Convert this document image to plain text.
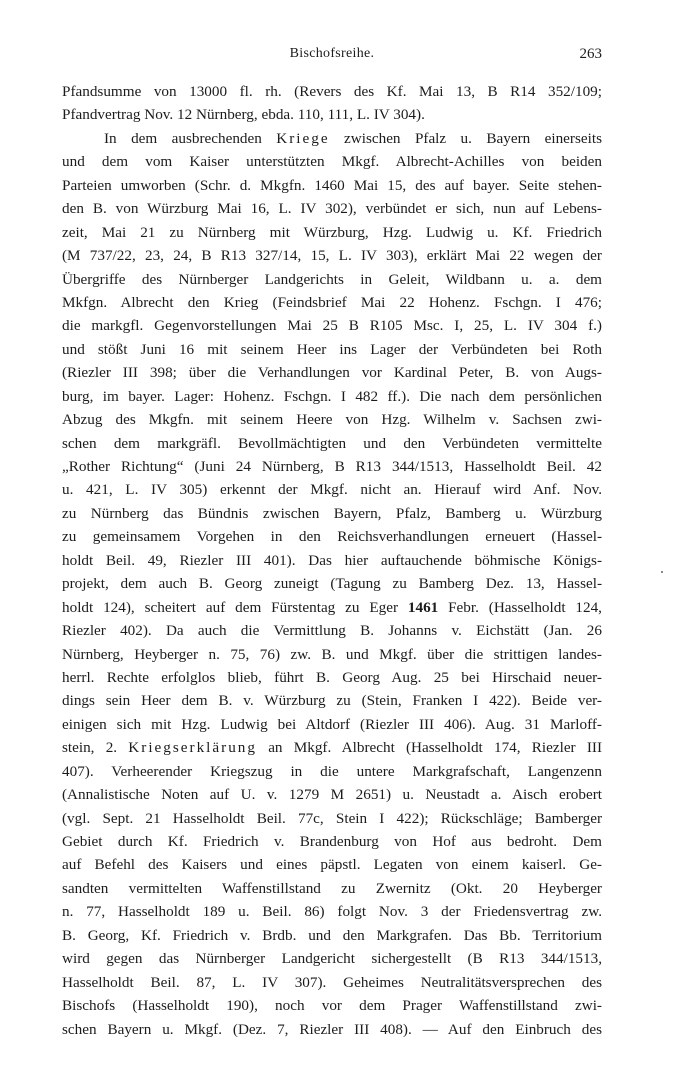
Bischofsreihe.	263
Pfandsumme von 13000 fl. rh. (Revers des Kf. Mai 13, B R14 352/109;
Pfandvertrag Nov. 12 Nürnberg, ebda. 110, 111, L. IV 304).
In dem ausbrechenden Kriege zwischen Pfalz u. Bayern einerseits
und dem vom Kaiser unterstützten Mkgf. Albrecht-Achilles von beiden
Parteien umworben (Schr. d. Mkgfn. 1460 Mai 15, des auf bayer. Seite stehen-
den B. von Würzburg Mai 16, L. IV 302), verbündet er sich, nun auf Lebens-
zeit, Mai 21 zu Nürnberg mit Würzburg, Hzg. Ludwig u. Kf. Friedrich
(M 737/22, 23, 24, B R13 327/14, 15, L. IV 303), erklärt Mai 22 wegen der
Übergriffe des Nürnberger Landgerichts in Geleit, Wildbann u. a. dem
Mkfgn. Albrecht den Krieg (Feindsbrief Mai 22 Hohenz. Fschgn. I 476;
die markgfl. Gegenvorstellungen Mai 25 B R105 Msc. I, 25, L. IV 304 f.)
und stößt Juni 16 mit seinem Heer ins Lager der Verbündeten bei Roth
(Riezler III 398; über die Verhandlungen vor Kardinal Peter, B. von Augs-
burg, im bayer. Lager: Hohenz. Fschgn. I 482 ff.). Die nach dem persönlichen
Abzug des Mkgfn. mit seinem Heere von Hzg. Wilhelm v. Sachsen zwi-
schen dem markgräfl. Bevollmächtigten und den Verbündeten vermittelte
„Rother Richtung“ (Juni 24 Nürnberg, B R13 344/1513, Hasselholdt Beil. 42
u. 421, L. IV 305) erkennt der Mkgf. nicht an. Hierauf wird Anf. Nov.
zu Nürnberg das Bündnis zwischen Bayern, Pfalz, Bamberg u. Würzburg
zu gemeinsamem Vorgehen in den Reichsverhandlungen erneuert (Hassel-
holdt Beil. 49, Riezler III 401). Das hier auftauchende böhmische Königs-
projekt, dem auch B. Georg zuneigt (Tagung zu Bamberg Dez. 13, Hassel-
holdt 124), scheitert auf dem Fürstentag zu Eger 1461 Febr. (Hasselholdt 124,
Riezler 402). Da auch die Vermittlung B. Johanns v. Eichstätt (Jan. 26
Nürnberg, Heyberger n. 75, 76) zw. B. und Mkgf. über die strittigen landes-
herrl. Rechte erfolglos blieb, führt B. Georg Aug. 25 bei Hirschaid neuer-
dings sein Heer dem B. v. Würzburg zu (Stein, Franken I 422). Beide ver-
einigen sich mit Hzg. Ludwig bei Altdorf (Riezler III 406). Aug. 31 Marloff-
stein, 2. Kriegserklärung an Mkgf. Albrecht (Hasselholdt 174, Riezler III
407). Verheerender Kriegszug in die untere Markgrafschaft, Langenzenn
(Annalistische Noten auf U. v. 1279 M 2651) u. Neustadt a. Aisch erobert
(vgl. Sept. 21 Hasselholdt Beil. 77c, Stein I 422); Rückschläge; Bamberger
Gebiet durch Kf. Friedrich v. Brandenburg von Hof aus bedroht. Dem
auf Befehl des Kaisers und eines päpstl. Legaten von einem kaiserl. Ge-
sandten vermittelten Waffenstillstand zu Zwernitz (Okt. 20 Heyberger
n. 77, Hasselholdt 189 u. Beil. 86) folgt Nov. 3 der Friedensvertrag zw.
B. Georg, Kf. Friedrich v. Brdb. und den Markgrafen. Das Bb. Territorium
wird gegen das Nürnberger Landgericht sichergestellt (B R13 344/1513,
Hasselholdt Beil. 87, L. IV 307). Geheimes Neutralitätsversprechen des
Bischofs (Hasselholdt 190), noch vor dem Prager Waffenstillstand zwi-
schen Bayern u. Mkgf. (Dez. 7, Riezler III 408). — Auf den Einbruch des
